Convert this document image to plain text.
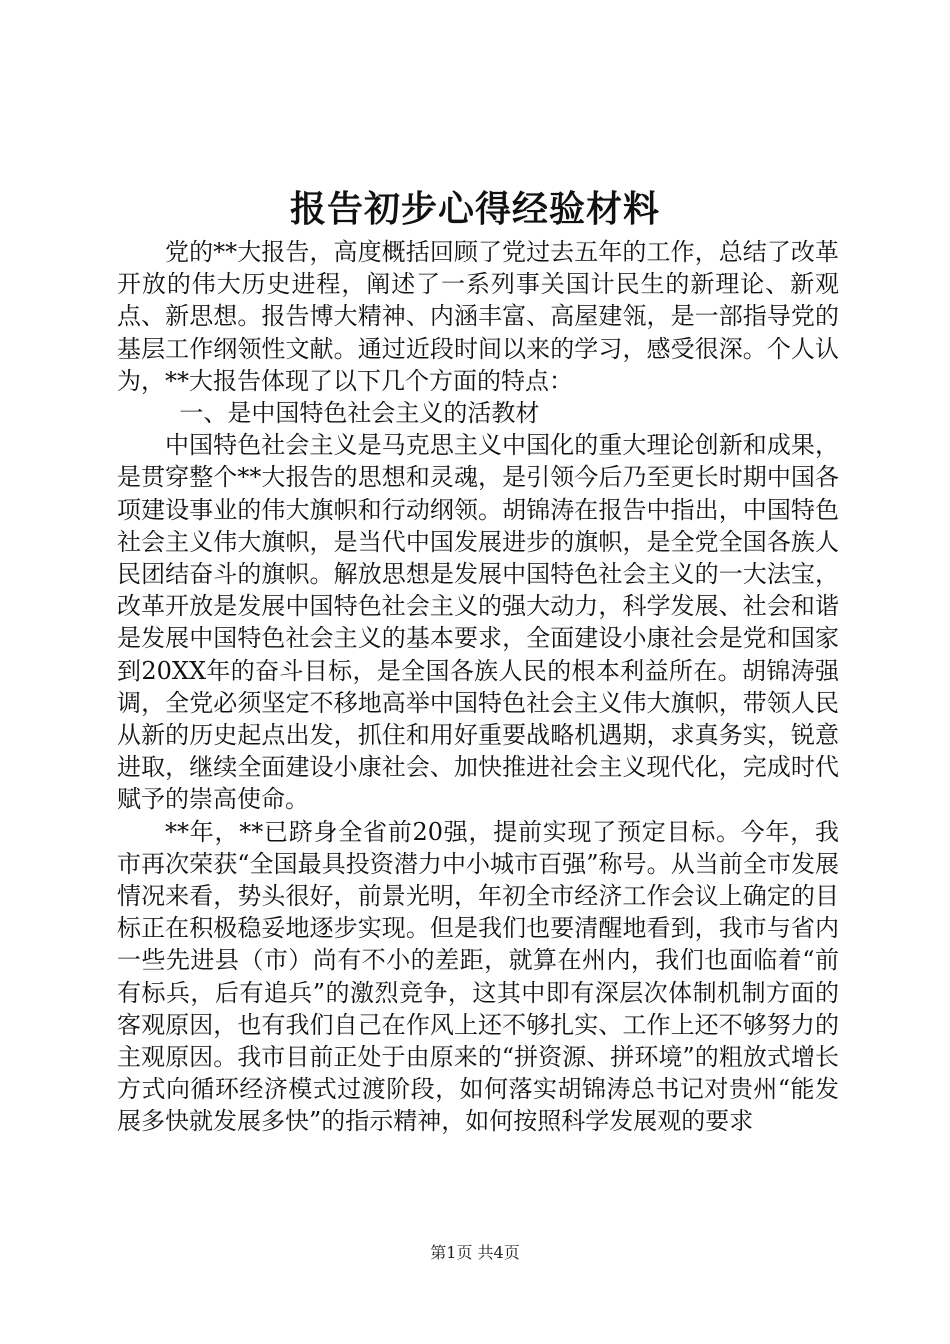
报告初步心得经验材料

党的**大报告，高度概括回顾了党过去五年的工作，总结了改革开放的伟大历史进程，阐述了一系列事关国计民生的新理论、新观点、新思想。报告博大精神、内涵丰富、高屋建瓴，是一部指导党的基层工作纲领性文献。通过近段时间以来的学习，感受很深。个人认为，**大报告体现了以下几个方面的特点：

一、是中国特色社会主义的活教材

中国特色社会主义是马克思主义中国化的重大理论创新和成果，是贯穿整个**大报告的思想和灵魂，是引领今后乃至更长时期中国各项建设事业的伟大旗帜和行动纲领。胡锦涛在报告中指出，中国特色社会主义伟大旗帜，是当代中国发展进步的旗帜，是全党全国各族人民团结奋斗的旗帜。解放思想是发展中国特色社会主义的一大法宝，改革开放是发展中国特色社会主义的强大动力，科学发展、社会和谐是发展中国特色社会主义的基本要求，全面建设小康社会是党和国家到20XX年的奋斗目标，是全国各族人民的根本利益所在。胡锦涛强调，全党必须坚定不移地高举中国特色社会主义伟大旗帜，带领人民从新的历史起点出发，抓住和用好重要战略机遇期，求真务实，锐意进取，继续全面建设小康社会、加快推进社会主义现代化，完成时代赋予的崇高使命。

**年，**已跻身全省前20强，提前实现了预定目标。今年，我市再次荣获“全国最具投资潜力中小城市百强”称号。从当前全市发展情况来看，势头很好，前景光明，年初全市经济工作会议上确定的目标正在积极稳妥地逐步实现。但是我们也要清醒地看到，我市与省内一些先进县（市）尚有不小的差距，就算在州内，我们也面临着“前有标兵，后有追兵”的激烈竞争，这其中即有深层次体制机制方面的客观原因，也有我们自己在作风上还不够扎实、工作上还不够努力的主观原因。我市目前正处于由原来的“拼资源、拼环境”的粗放式增长方式向循环经济模式过渡阶段，如何落实胡锦涛总书记对贵州“能发展多快就发展多快”的指示精神，如何按照科学发展观的要求

第1页 共4页
